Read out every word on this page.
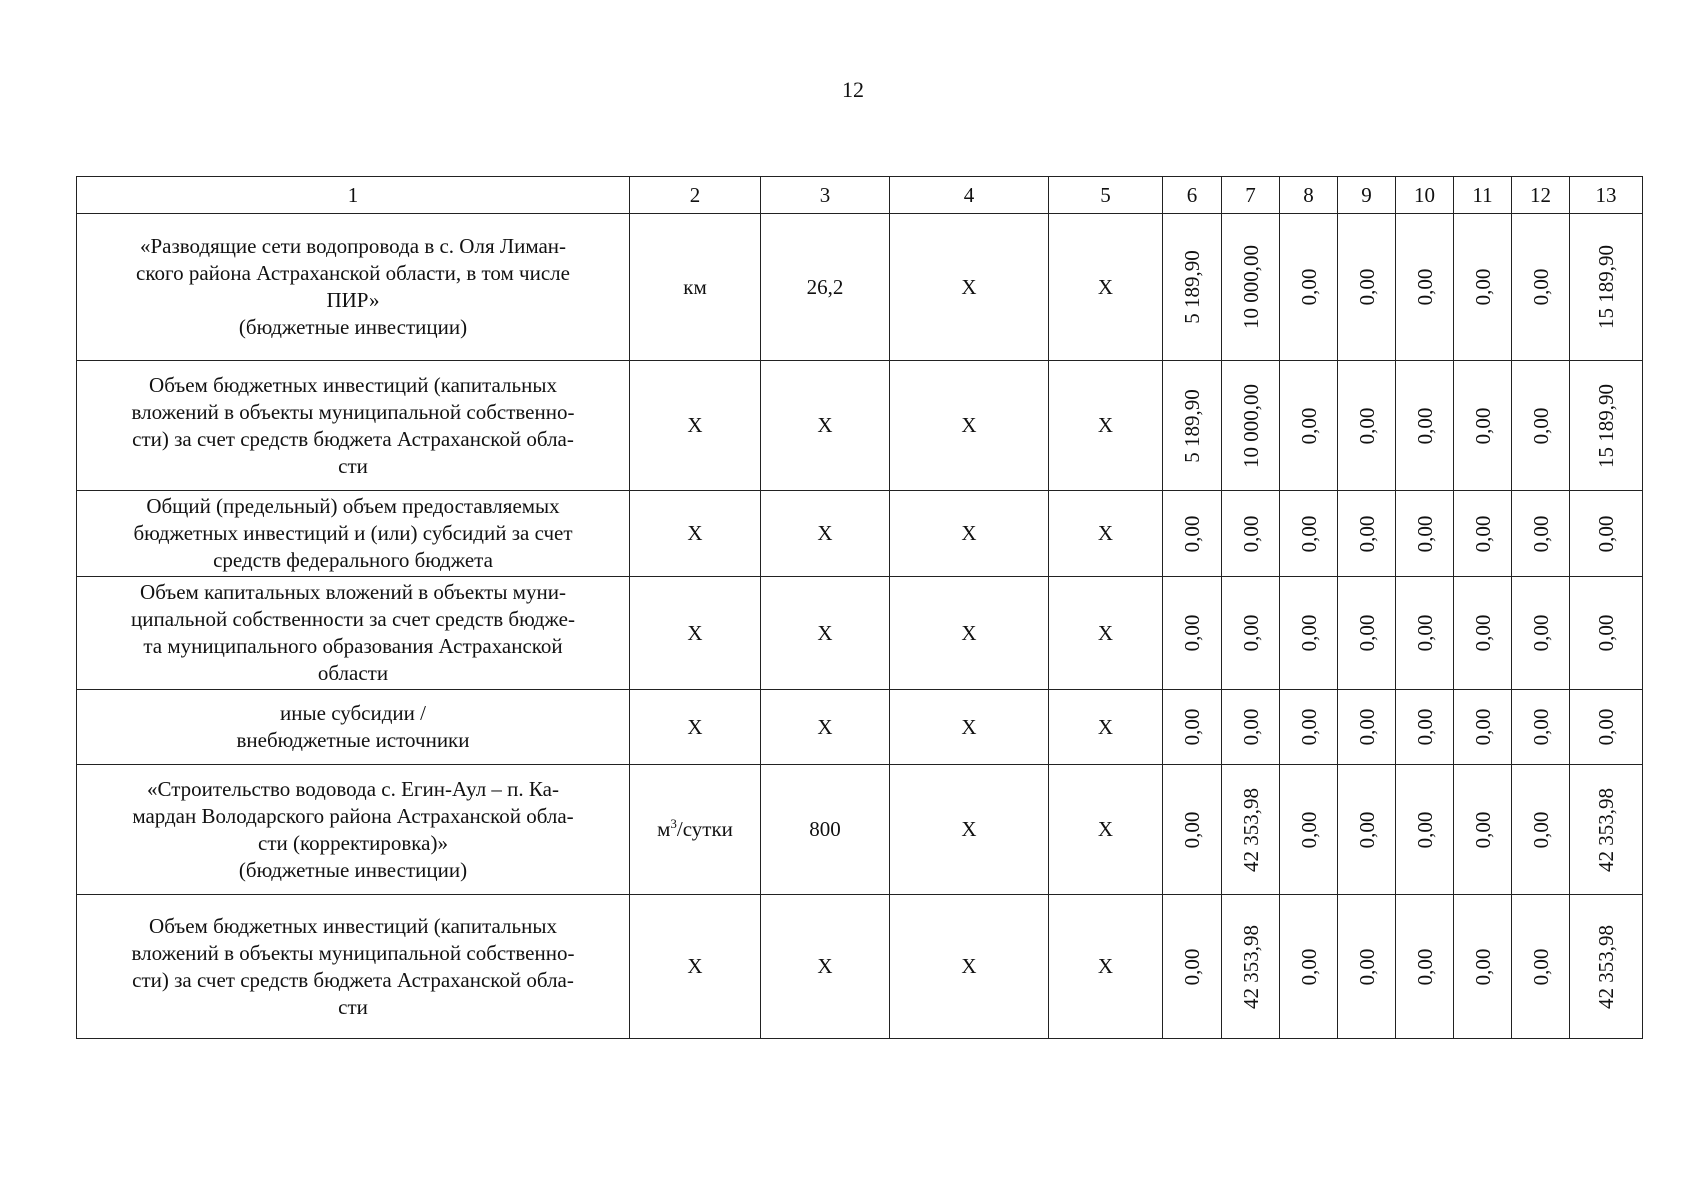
12
1	2	3	4	5	6	7	8	9	10	11	12	13
«Разводящие сети водопровода в с. Оля Лиман-
ского района Астраханской области, в том числе
ПИР»
(бюджетные инвестиции)	км	26,2	X	X	5 189,90	10 000,00	0,00	0,00	0,00	0,00	0,00	15 189,90

Объем бюджетных инвестиций (капитальных
вложений в объекты муниципальной собственно-
сти) за счет средств бюджета Астраханской обла-
сти	X	X	X	X	5 189,90	10 000,00	0,00	0,00	0,00	0,00	0,00	15 189,90

Общий (предельный) объем предоставляемых
бюджетных инвестиций и (или) субсидий за счет
средств федерального бюджета	X	X	X	X	0,00	0,00	0,00	0,00	0,00	0,00	0,00	0,00

Объем капитальных вложений в объекты муни-
ципальной собственности за счет средств бюдже-
та муниципального образования Астраханской
области	X	X	X	X	0,00	0,00	0,00	0,00	0,00	0,00	0,00	0,00

иные субсидии /
внебюджетные источники	X	X	X	X	0,00	0,00	0,00	0,00	0,00	0,00	0,00	0,00

«Строительство водовода с. Егин-Аул – п. Ка-
мардан Володарского района Астраханской обла-
сти (корректировка)»
(бюджетные инвестиции)	$м^3$/сутки	800	X	X	0,00	42 353,98	0,00	0,00	0,00	0,00	0,00	42 353,98

Объем бюджетных инвестиций (капитальных
вложений в объекты муниципальной собственно-
сти) за счет средств бюджета Астраханской обла-
сти	X	X	X	X	0,00	42 353,98	0,00	0,00	0,00	0,00	0,00	42 353,98
